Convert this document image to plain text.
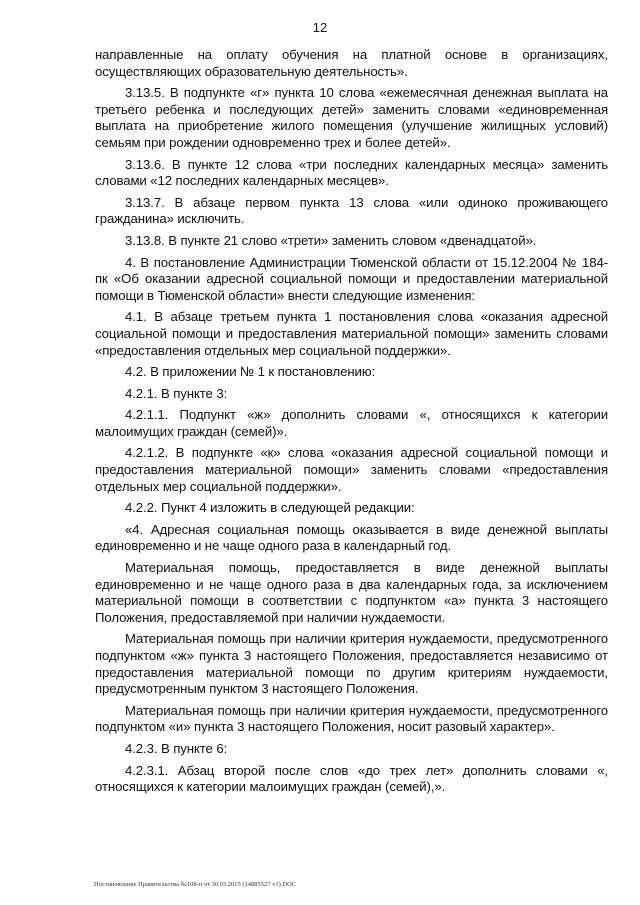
12

направленные на оплату обучения на платной основе в организациях, осуществляющих образовательную деятельность».

3.13.5. В подпункте «г» пункта 10 слова «ежемесячная денежная выплата на третьего ребенка и последующих детей» заменить словами «единовременная выплата на приобретение жилого помещения (улучшение жилищных условий) семьям при рождении одновременно трех и более детей».

3.13.6. В пункте 12 слова «три последних календарных месяца» заменить словами «12 последних календарных месяцев».

3.13.7. В абзаце первом пункта 13 слова «или одиноко проживающего гражданина» исключить.

3.13.8. В пункте 21 слово «трети» заменить словом «двенадцатой».

4. В постановление Администрации Тюменской области от 15.12.2004 № 184-пк «Об оказании адресной социальной помощи и предоставлении материальной помощи в Тюменской области» внести следующие изменения:

4.1. В абзаце третьем пункта 1 постановления слова «оказания адресной социальной помощи и предоставления материальной помощи» заменить словами «предоставления отдельных мер социальной поддержки».

4.2. В приложении № 1 к постановлению:

4.2.1. В пункте 3:

4.2.1.1. Подпункт «ж» дополнить словами «, относящихся к категории малоимущих граждан (семей)».

4.2.1.2. В подпункте «к» слова «оказания адресной социальной помощи и предоставления материальной помощи» заменить словами «предоставления отдельных мер социальной поддержки».

4.2.2. Пункт 4 изложить в следующей редакции:

«4. Адресная социальная помощь оказывается в виде денежной выплаты единовременно и не чаще одного раза в календарный год.

Материальная помощь, предоставляется в виде денежной выплаты единовременно и не чаще одного раза в два календарных года, за исключением материальной помощи в соответствии с подпунктом «а» пункта 3 настоящего Положения, предоставляемой при наличии нуждаемости.

Материальная помощь при наличии критерия нуждаемости, предусмотренного подпунктом «ж» пункта 3 настоящего Положения, предоставляется независимо от предоставления материальной помощи по другим критериям нуждаемости, предусмотренным пунктом 3 настоящего Положения.

Материальная помощь при наличии критерия нуждаемости, предусмотренного подпунктом «и» пункта 3 настоящего Положения, носит разовый характер».

4.2.3. В пункте 6:

4.2.3.1. Абзац второй после слов «до трех лет» дополнить словами «, относящихся к категории малоимущих граждан (семей),».

Постановление Правительства №108-п от 30.03.2015 (14885527 v1).DOC
